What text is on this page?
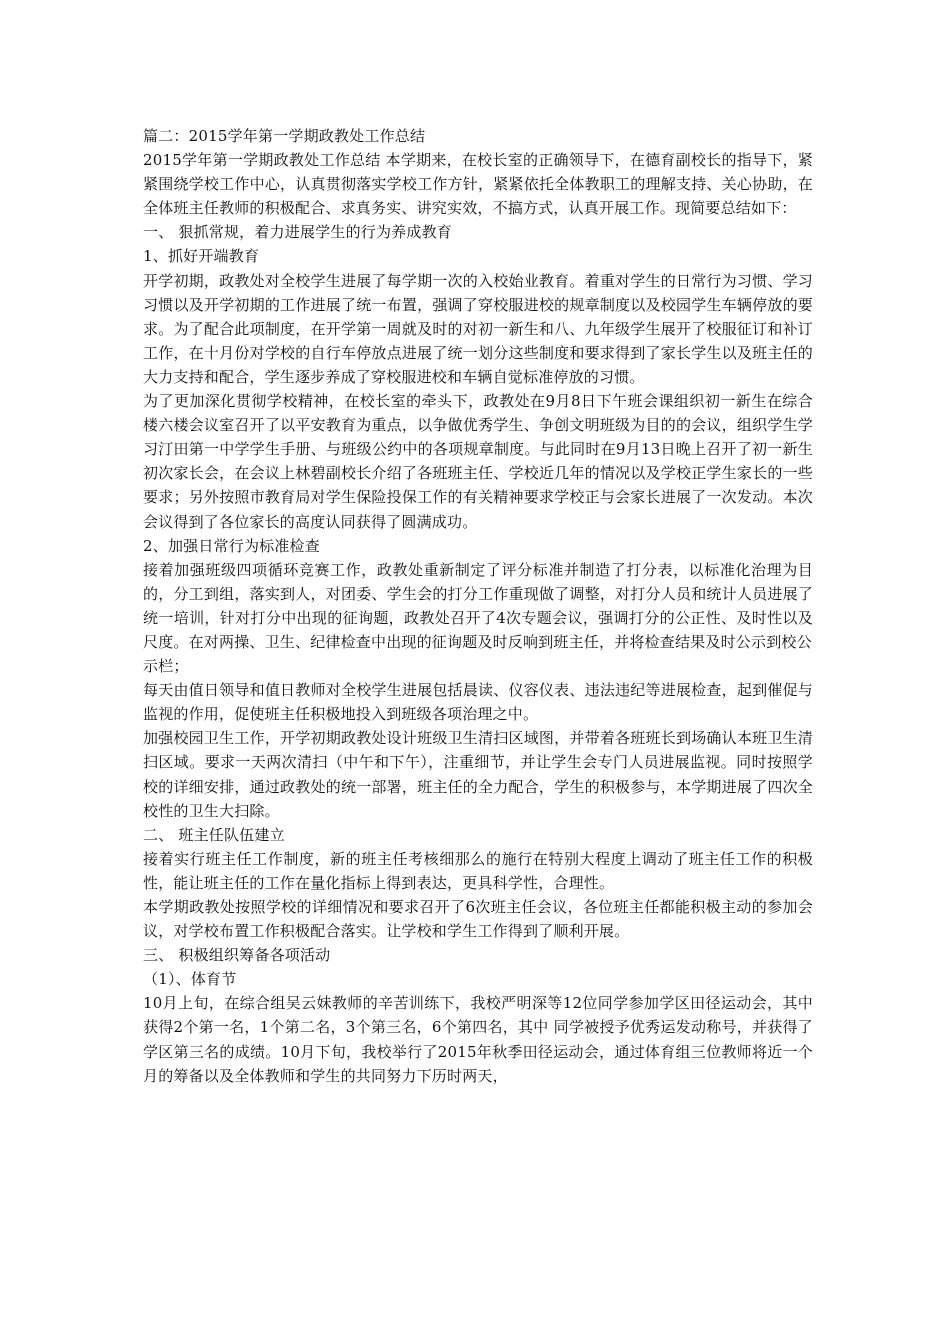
篇二：2015学年第一学期政教处工作总结

2015学年第一学期政教处工作总结 本学期来，在校长室的正确领导下，在德育副校长的指导下，紧紧围绕学校工作中心，认真贯彻落实学校工作方针，紧紧依托全体教职工的理解支持、关心协助，在全体班主任教师的积极配合、求真务实、讲究实效，不搞方式，认真开展工作。现简要总结如下：

一、 狠抓常规，着力进展学生的行为养成教育

1、抓好开端教育

开学初期，政教处对全校学生进展了每学期一次的入校始业教育。着重对学生的日常行为习惯、学习习惯以及开学初期的工作进展了统一布置，强调了穿校服进校的规章制度以及校园学生车辆停放的要求。为了配合此项制度，在开学第一周就及时的对初一新生和八、九年级学生展开了校服征订和补订工作，在十月份对学校的自行车停放点进展了统一划分这些制度和要求得到了家长学生以及班主任的大力支持和配合，学生逐步养成了穿校服进校和车辆自觉标准停放的习惯。

为了更加深化贯彻学校精神，在校长室的牵头下，政教处在9月8日下午班会课组织初一新生在综合楼六楼会议室召开了以平安教育为重点，以争做优秀学生、争创文明班级为目的的会议，组织学生学习汀田第一中学学生手册、与班级公约中的各项规章制度。与此同时在9月13日晚上召开了初一新生初次家长会，在会议上林碧副校长介绍了各班班主任、学校近几年的情况以及学校正学生家长的一些要求；另外按照市教育局对学生保险投保工作的有关精神要求学校正与会家长进展了一次发动。本次会议得到了各位家长的高度认同获得了圆满成功。

2、加强日常行为标准检查

接着加强班级四项循环竞赛工作，政教处重新制定了评分标准并制造了打分表，以标准化治理为目的，分工到组，落实到人，对团委、学生会的打分工作重现做了调整，对打分人员和统计人员进展了统一培训，针对打分中出现的征询题，政教处召开了4次专题会议，强调打分的公正性、及时性以及尺度。在对两操、卫生、纪律检查中出现的征询题及时反响到班主任，并将检查结果及时公示到校公

示栏；

每天由值日领导和值日教师对全校学生进展包括晨读、仪容仪表、违法违纪等进展检查，起到催促与监视的作用，促使班主任积极地投入到班级各项治理之中。

加强校园卫生工作，开学初期政教处设计班级卫生清扫区域图，并带着各班班长到场确认本班卫生清扫区域。要求一天两次清扫（中午和下午），注重细节，并让学生会专门人员进展监视。同时按照学校的详细安排，通过政教处的统一部署，班主任的全力配合，学生的积极参与，本学期进展了四次全校性的卫生大扫除。

二、 班主任队伍建立

接着实行班主任工作制度，新的班主任考核细那么的施行在特别大程度上调动了班主任工作的积极性，能让班主任的工作在量化指标上得到表达，更具科学性，合理性。

本学期政教处按照学校的详细情况和要求召开了6次班主任会议，各位班主任都能积极主动的参加会议，对学校布置工作积极配合落实。让学校和学生工作得到了顺利开展。

三、 积极组织筹备各项活动

（1）、体育节

10月上旬，在综合组吴云妹教师的辛苦训练下，我校严明深等12位同学参加学区田径运动会，其中获得2个第一名，1个第二名，3个第三名，6个第四名，其中 同学被授予优秀运发动称号，并获得了学区第三名的成绩。10月下旬，我校举行了2015年秋季田径运动会，通过体育组三位教师将近一个月的筹备以及全体教师和学生的共同努力下历时两天，
